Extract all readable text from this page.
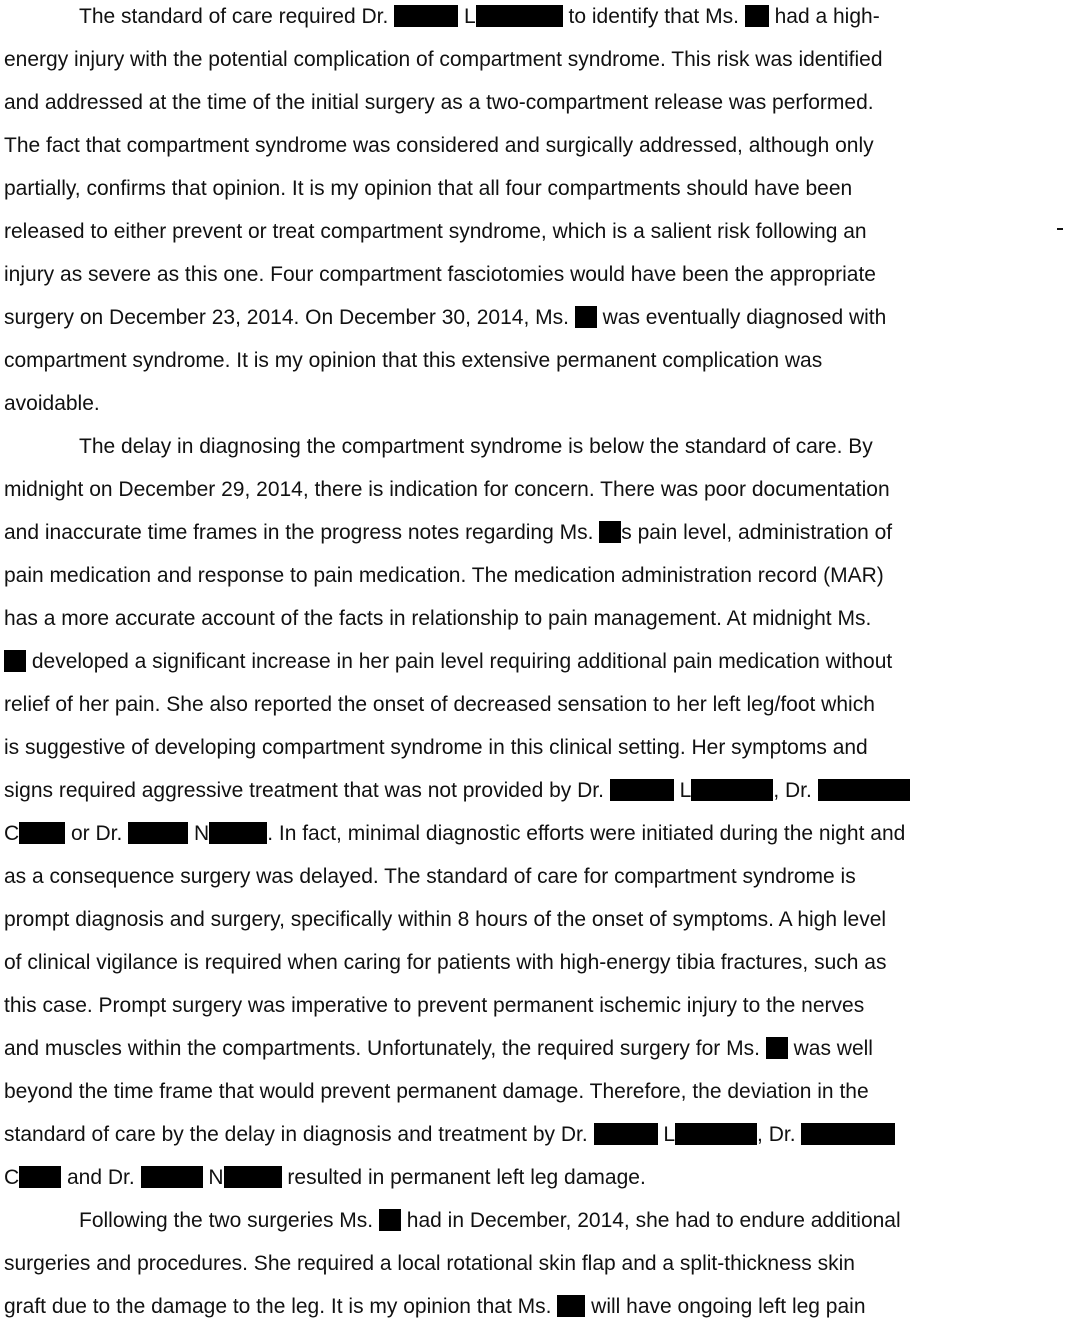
The standard of care required Dr.	L	to identify that Ms.  had a high-
energy injury with the potential complication of compartment syndrome. This risk was identified
and addressed at the time of the initial surgery as a two-compartment release was performed.
The fact that compartment syndrome was considered and surgically addressed, although only
partially, confirms that opinion. It is my opinion that all four compartments should have been
released to either prevent or treat compartment syndrome, which is a salient risk following an
injury as severe as this one. Four compartment fasciotomies would have been the appropriate
surgery on December 23, 2014. On December 30, 2014, Ms.  was eventually diagnosed with
compartment syndrome. It is my opinion that this extensive permanent complication was
avoidable.
The delay in diagnosing the compartment syndrome is below the standard of care. By
midnight on December 29, 2014, there is indication for concern. There was poor documentation
and inaccurate time frames in the progress notes regarding Ms. s pain level, administration of
pain medication and response to pain medication. The medication administration record (MAR)
has a more accurate account of the facts in relationship to pain management. At midnight Ms.
developed a significant increase in her pain level requiring additional pain medication without
relief of her pain. She also reported the onset of decreased sensation to her left leg/foot which
is suggestive of developing compartment syndrome in this clinical setting. Her symptoms and
signs required aggressive treatment that was not provided by Dr.	L	, Dr.
C or Dr.	N	. In fact, minimal diagnostic efforts were initiated during the night and
as a consequence surgery was delayed. The standard of care for compartment syndrome is
prompt diagnosis and surgery, specifically within 8 hours of the onset of symptoms. A high level
of clinical vigilance is required when caring for patients with high-energy tibia fractures, such as
this case. Prompt surgery was imperative to prevent permanent ischemic injury to the nerves
and muscles within the compartments. Unfortunately, the required surgery for Ms.  was well
beyond the time frame that would prevent permanent damage. Therefore, the deviation in the
standard of care by the delay in diagnosis and treatment by Dr.	L	, Dr.
C and Dr.	N	resulted in permanent left leg damage.
Following the two surgeries Ms.  had in December, 2014, she had to endure additional
surgeries and procedures. She required a local rotational skin flap and a split-thickness skin
graft due to the damage to the leg. It is my opinion that Ms.  will have ongoing left leg pain
